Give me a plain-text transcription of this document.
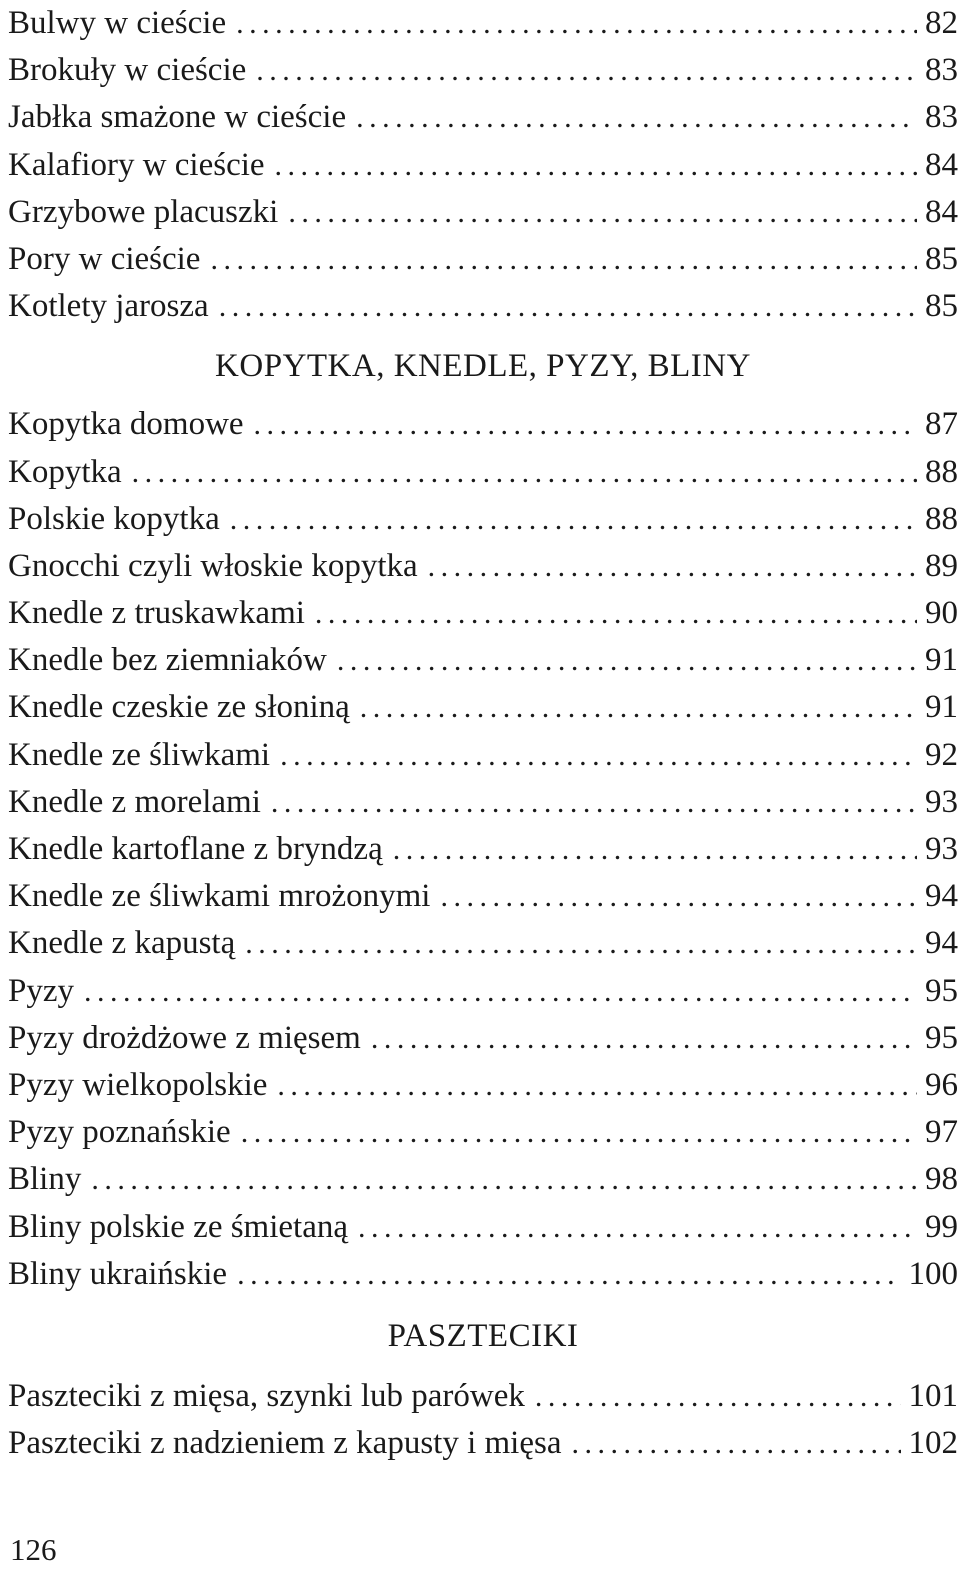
Bulwy w cieście . . .	82
Brokuły w cieście . . .	83
Jabłka smażone w cieście . . .	83
Kalafiory w cieście . . .	84
Grzybowe placuszki . . .	84
Pory w cieście . . .	85
Kotlety jarosza . . .	85
KOPYTKA, KNEDLE, PYZY, BLINY
Kopytka domowe . . .	87
Kopytka . . .	88
Polskie kopytka . . .	88
Gnocchi czyli włoskie kopytka . . .	89
Knedle z truskawkami . . .	90
Knedle bez ziemniaków . . .	91
Knedle czeskie ze słoniną . . .	91
Knedle ze śliwkami . . .	92
Knedle z morelami . . .	93
Knedle kartoflane z bryndzą . . .	93
Knedle ze śliwkami mrożonymi . . .	94
Knedle z kapustą . . .	94
Pyzy . . .	95
Pyzy drożdżowe z mięsem . . .	95
Pyzy wielkopolskie . . .	96
Pyzy poznańskie . . .	97
Bliny . . .	98
Bliny polskie ze śmietaną . . .	99
Bliny ukraińskie . . .	100
PASZTECIKI
Paszteciki z mięsa, szynki lub parówek . . .	101
Paszteciki z nadzieniem z kapusty i mięsa . . .	102
126
